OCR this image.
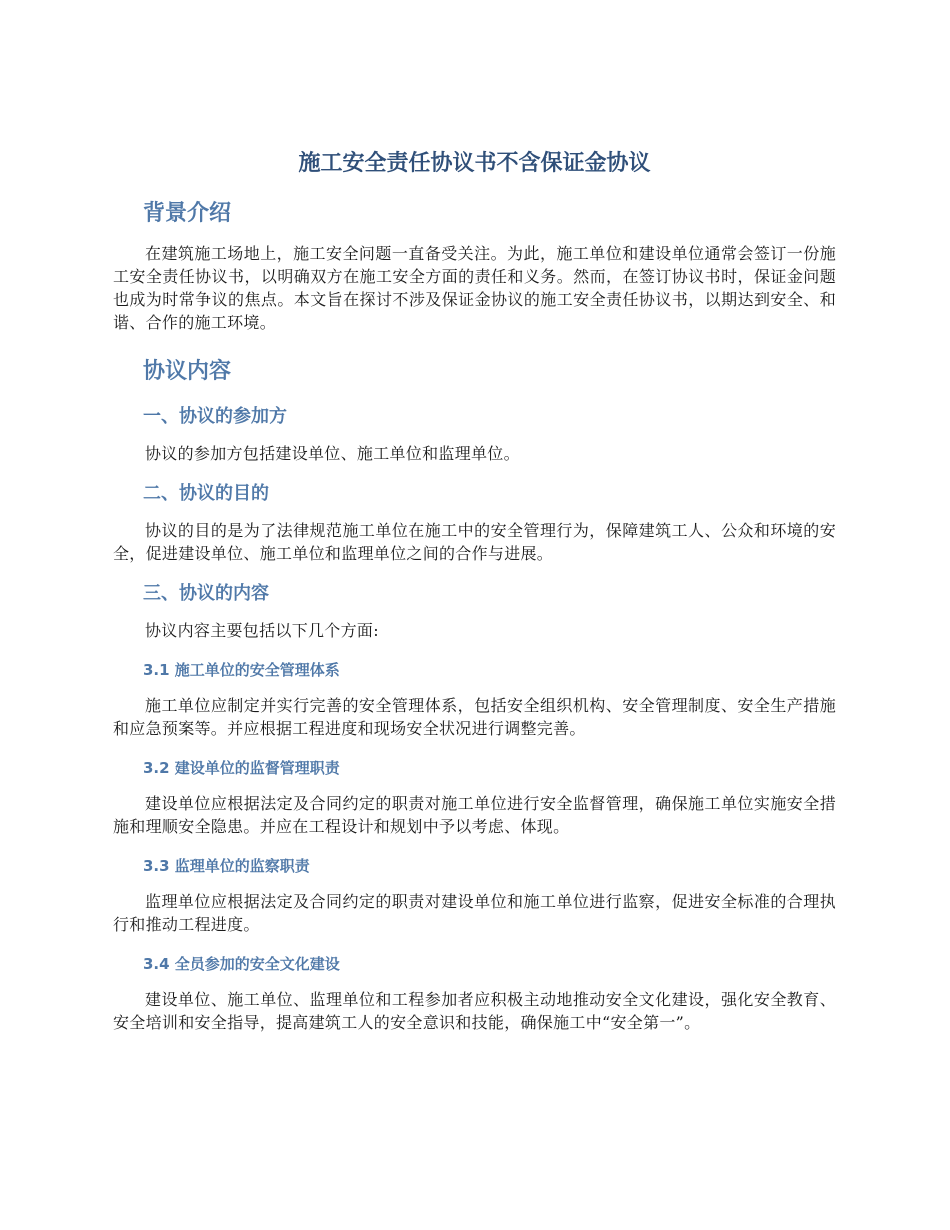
施工安全责任协议书不含保证金协议
背景介绍

在建筑施工场地上，施工安全问题一直备受关注。为此，施工单位和建设单位通常会签订一份施工安全责任协议书，以明确双方在施工安全方面的责任和义务。然而，在签订协议书时，保证金问题也成为时常争议的焦点。本文旨在探讨不涉及保证金协议的施工安全责任协议书，以期达到安全、和谐、合作的施工环境。

协议内容
一、协议的参加方

协议的参加方包括建设单位、施工单位和监理单位。

二、协议的目的

协议的目的是为了法律规范施工单位在施工中的安全管理行为，保障建筑工人、公众和环境的安全，促进建设单位、施工单位和监理单位之间的合作与进展。

三、协议的内容

协议内容主要包括以下几个方面:

3.1 施工单位的安全管理体系

施工单位应制定并实行完善的安全管理体系，包括安全组织机构、安全管理制度、安全生产措施和应急预案等。并应根据工程进度和现场安全状况进行调整完善。

3.2 建设单位的监督管理职责

建设单位应根据法定及合同约定的职责对施工单位进行安全监督管理，确保施工单位实施安全措施和理顺安全隐患。并应在工程设计和规划中予以考虑、体现。

3.3 监理单位的监察职责

监理单位应根据法定及合同约定的职责对建设单位和施工单位进行监察，促进安全标准的合理执行和推动工程进度。

3.4 全员参加的安全文化建设

建设单位、施工单位、监理单位和工程参加者应积极主动地推动安全文化建设，强化安全教育、安全培训和安全指导，提高建筑工人的安全意识和技能，确保施工中“安全第一”。
